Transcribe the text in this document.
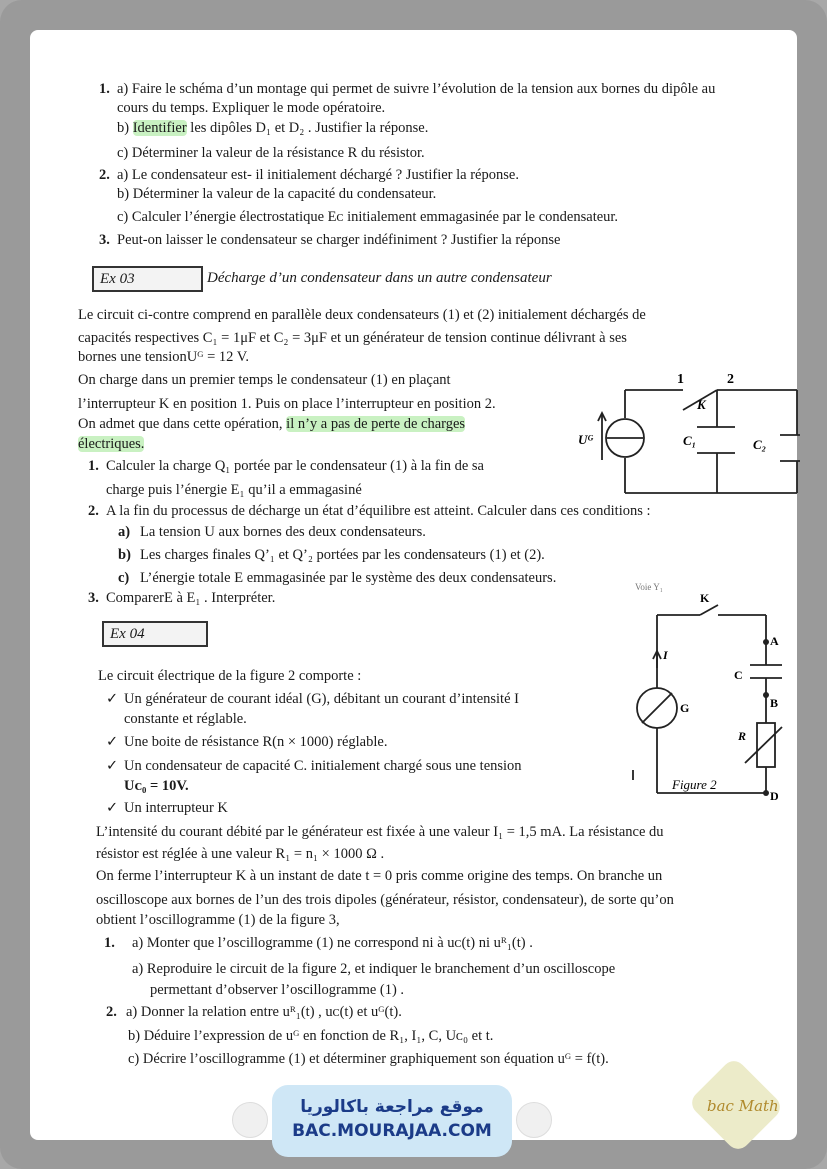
1. a) Faire le schéma d’un montage qui permet de suivre l’évolution de la tension aux bornes du dipôle au
cours du temps. Expliquer le mode opératoire.
b) Identifier les dipôles D₁ et D₂ . Justifier la réponse.
c) Déterminer la valeur de la résistance R du résistor.
2. a) Le condensateur est- il initialement déchargé ? Justifier la réponse.
b) Déterminer la valeur de la capacité du condensateur.
c) Calculer l’énergie électrostatique Eᴄ initialement emmagasinée par le condensateur.
3. Peut-on laisser le condensateur se charger indéfiniment ? Justifier la réponse
Ex 03	Décharge d’un condensateur dans un autre condensateur
Le circuit ci-contre comprend en parallèle deux condensateurs (1) et (2) initialement déchargés de
capacités respectives C₁ = 1μF et C₂ = 3μF et un générateur de tension continue délivrant à ses
bornes une tensionUᴳ = 12 V.
On charge dans un premier temps le condensateur (1) en plaçant
l’interrupteur K en position 1. Puis on place l’interrupteur en position 2.
On admet que dans cette opération, il n’y a pas de perte de charges
électriques.
1. Calculer la charge Q₁ portée par le condensateur (1) à la fin de sa
charge puis l’énergie E₁ qu’il a emmagasiné
2. A la fin du processus de décharge un état d’équilibre est atteint. Calculer dans ces conditions :
a) La tension U aux bornes des deux condensateurs.
b) Les charges finales Q’₁ et Q’₂ portées par les condensateurs (1) et (2).
c) L’énergie totale E emmagasinée par le système des deux condensateurs.
3. ComparerE à E₁ . Interpréter.
1	2
K
Uᴳ	C₁	C₂
Ex 04
Le circuit électrique de la figure 2 comporte :
✓ Un générateur de courant idéal (G), débitant un courant d’intensité I
constante et réglable.
✓ Une boite de résistance R(n × 1000) réglable.
✓ Un condensateur de capacité C. initialement chargé sous une tension
Uᴄ₀ = 10V.
✓ Un interrupteur K
L’intensité du courant débité par le générateur est fixée à une valeur I₁ = 1,5 mA. La résistance du
résistor est réglée à une valeur R₁ = n₁ × 1000 Ω .
On ferme l’interrupteur K à un instant de date t = 0 pris comme origine des temps. On branche un
oscilloscope aux bornes de l’un des trois dipoles (générateur, résistor, condensateur), de sorte qu’on
obtient l’oscillogramme (1) de la figure 3,
1. a) Monter que l’oscillogramme (1) ne correspond ni à uᴄ(t) ni uᴿ₁(t) .
a) Reproduire le circuit de la figure 2, et indiquer le branchement d’un oscilloscope
permettant d’observer l’oscillogramme (1) .
2. a) Donner la relation entre uᴿ₁(t) , uᴄ(t) et uᴳ(t).
b) Déduire l’expression de uᴳ en fonction de R₁, I₁, C, Uᴄ₀ et t.
c) Décrire l’oscillogramme (1) et déterminer graphiquement son équation uᴳ = f(t).
K
A
C
B
G
I
R
D
Figure 2
Voie Y₁
موقع مراجعة باكالوريا
BAC.MOURAJAA.COM
bac Math
